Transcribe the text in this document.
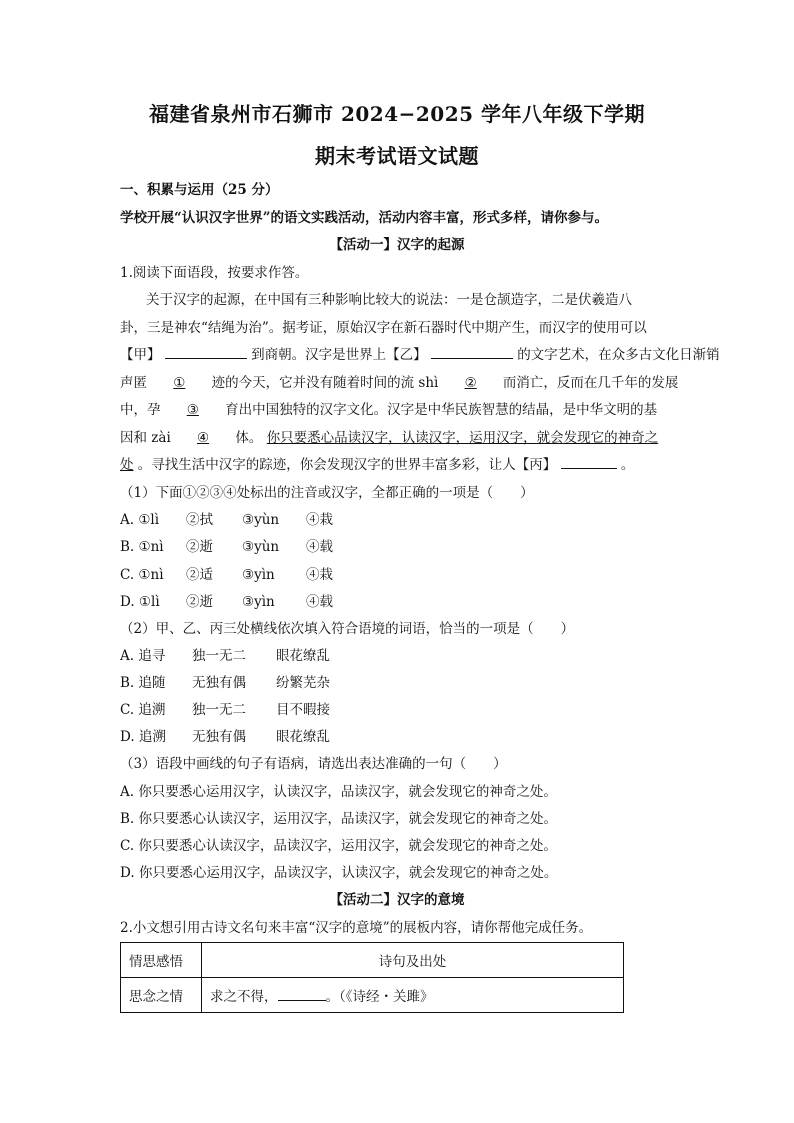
福建省泉州市石狮市 2024−2025 学年八年级下学期
期末考试语文试题
一、积累与运用（25 分）
学校开展“认识汉字世界”的语文实践活动，活动内容丰富，形式多样，请你参与。
【活动一】汉字的起源
1.阅读下面语段，按要求作答。
关于汉字的起源，在中国有三种影响比较大的说法：一是仓颉造字，二是伏羲造八
卦，三是神农“结绳为治”。据考证，原始汉字在新石器时代中期产生，而汉字的使用可以
【甲】	到商朝。汉字是世界上【乙】	的文字艺术，在众多古文化日渐销
声匿 ① 迹的今天，它并没有随着时间的流 shì ② 而消亡，反而在几千年的发展
中，孕 ③ 育出中国独特的汉字文化。汉字是中华民族智慧的结晶，是中华文明的基
因和 zài ④ 体。 你只要悉心品读汉字，认读汉字，运用汉字，就会发现它的神奇之
处 。寻找生活中汉字的踪迹，你会发现汉字的世界丰富多彩，让人【丙】	。
（1）下面①②③④处标出的注音或汉字，全都正确的一项是（　　）
A. ①lì ②拭 ③yùn ④栽
B. ①nì ②逝 ③yùn ④载
C. ①nì ②适 ③yìn ④栽
D. ①lì ②逝 ③yìn ④载
（2）甲、乙、丙三处横线依次填入符合语境的词语，恰当的一项是（　　）
A. 追寻 独一无二 眼花缭乱
B. 追随 无独有偶 纷繁芜杂
C. 追溯 独一无二 目不暇接
D. 追溯 无独有偶 眼花缭乱
（3）语段中画线的句子有语病，请选出表达准确的一句（　　）
A. 你只要悉心运用汉字，认读汉字，品读汉字，就会发现它的神奇之处。
B. 你只要悉心认读汉字，运用汉字，品读汉字，就会发现它的神奇之处。
C. 你只要悉心认读汉字，品读汉字，运用汉字，就会发现它的神奇之处。
D. 你只要悉心运用汉字，品读汉字，认读汉字，就会发现它的神奇之处。
【活动二】汉字的意境
2.小文想引用古诗文名句来丰富“汉字的意境”的展板内容，请你帮他完成任务。
情思感悟	诗句及出处
思念之情	求之不得， 。（《诗经・关雎》
